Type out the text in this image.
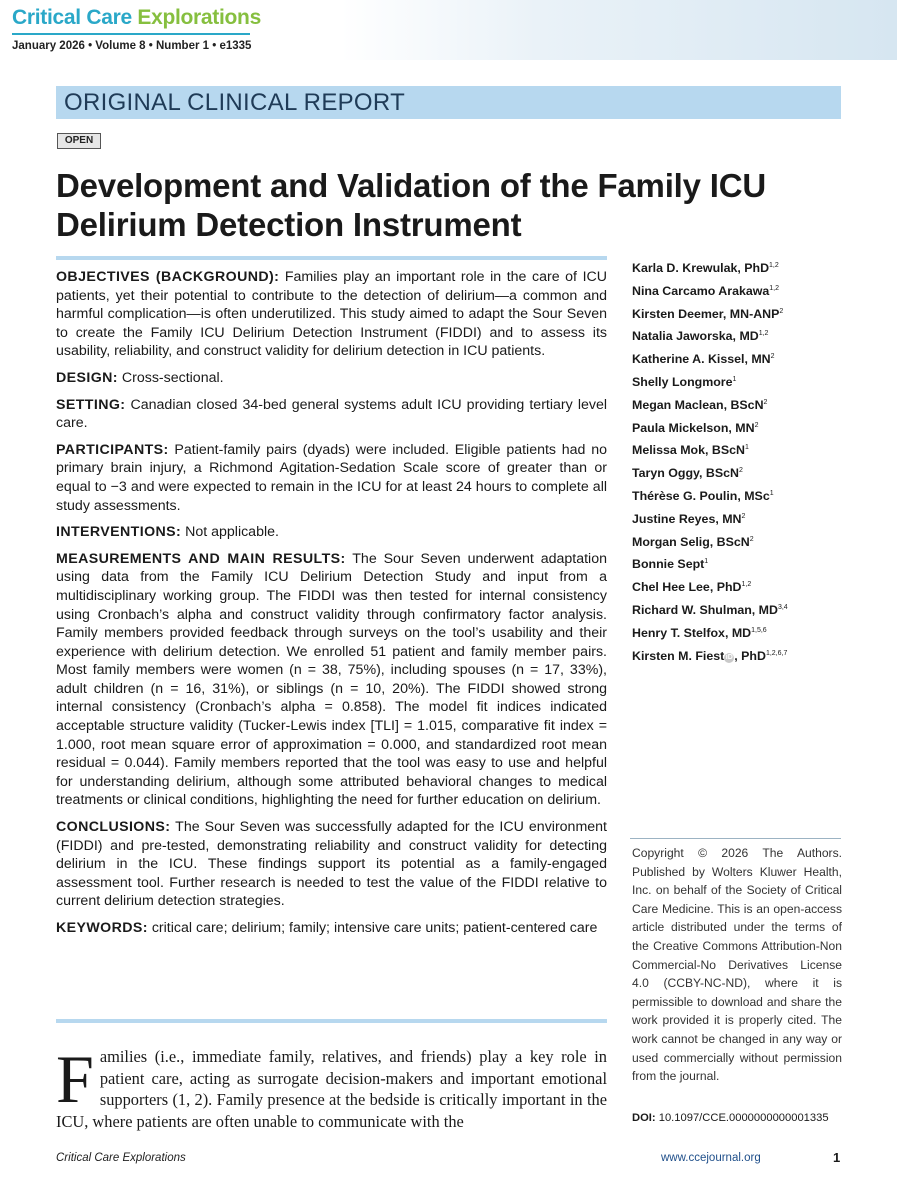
Critical Care Explorations
January 2026 • Volume 8 • Number 1 • e1335
ORIGINAL CLINICAL REPORT
OPEN
Development and Validation of the Family ICU Delirium Detection Instrument

OBJECTIVES (BACKGROUND): Families play an important role in the care of ICU patients, yet their potential to contribute to the detection of delirium—a common and harmful complication—is often underutilized. This study aimed to adapt the Sour Seven to create the Family ICU Delirium Detection Instrument (FIDDI) and to assess its usability, reliability, and construct validity for delirium detection in ICU patients.

DESIGN: Cross-sectional.

SETTING: Canadian closed 34-bed general systems adult ICU providing tertiary level care.

PARTICIPANTS: Patient-family pairs (dyads) were included. Eligible patients had no primary brain injury, a Richmond Agitation-Sedation Scale score of greater than or equal to −3 and were expected to remain in the ICU for at least 24 hours to complete all study assessments.

INTERVENTIONS: Not applicable.

MEASUREMENTS AND MAIN RESULTS: The Sour Seven underwent adaptation using data from the Family ICU Delirium Detection Study and input from a multidisciplinary working group. The FIDDI was then tested for internal consistency using Cronbach’s alpha and construct validity through confirmatory factor analysis. Family members provided feedback through surveys on the tool’s usability and their experience with delirium detection. We enrolled 51 patient and family member pairs. Most family members were women (n = 38, 75%), including spouses (n = 17, 33%), adult children (n = 16, 31%), or siblings (n = 10, 20%). The FIDDI showed strong internal consistency (Cronbach’s alpha = 0.858). The model fit indices indicated acceptable structure validity (Tucker-Lewis index [TLI] = 1.015, comparative fit index = 1.000, root mean square error of approximation = 0.000, and standardized root mean residual = 0.044). Family members reported that the tool was easy to use and helpful for understanding delirium, although some attributed behavioral changes to medical treatments or clinical conditions, highlighting the need for further education on delirium.

CONCLUSIONS: The Sour Seven was successfully adapted for the ICU environment (FIDDI) and pre-tested, demonstrating reliability and construct validity for detecting delirium in the ICU. These findings support its potential as a family-engaged assessment tool. Further research is needed to test the value of the FIDDI relative to current delirium detection strategies.

KEYWORDS: critical care; delirium; family; intensive care units; patient-centered care

Karla D. Krewulak, PhD$^{1,2}$
Nina Carcamo Arakawa$^{1,2}$
Kirsten Deemer, MN-ANP$^2$
Natalia Jaworska, MD$^{1,2}$
Katherine A. Kissel, $MN^2$
Shelly Longmore$^1$
Megan Maclean, BScN$^2$
Paula Mickelson, $MN^2$
Melissa Mok, BScN$^1$
Taryn Oggy, BScN$^2$
Thérèse G. Poulin, MSc$^1$
Justine Reyes, $MN^2$
Morgan Selig, BScN$^2$
Bonnie Sept$^1$
Chel Hee Lee, PhD$^{1,2}$
Richard W. Shulman, MD$^{3,4}$
Henry T. Stelfox, MD$^{1,5,6}$
Kirsten M. Fiest iD , PhD$^{1,2,6,7}$
Copyright © 2026 The Authors. Published by Wolters Kluwer Health, Inc. on behalf of the Society of Critical Care Medicine. This is an open-access article distributed under the terms of the Creative Commons Attribution-Non Commercial-No Derivatives License 4.0 (CCBY-NC-ND), where it is permissible to download and share the work provided it is properly cited. The work cannot be changed in any way or used commercially without permission from the journal.
DOI: 10.1097/CCE.0000000000001335
Families (i.e., immediate family, relatives, and friends) play a key role in patient care, acting as surrogate decision-makers and important emotional supporters (1, 2). Family presence at the bedside is critically important in the ICU, where patients are often unable to communicate with the
Critical Care Explorations	www.ccejournal.org	1
